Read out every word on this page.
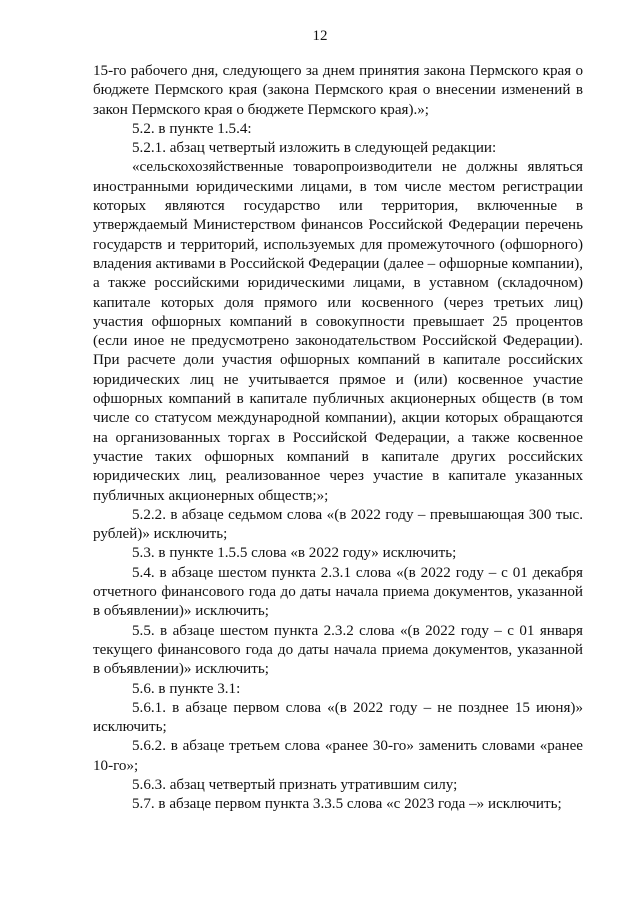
12

15-го рабочего дня, следующего за днем принятия закона Пермского края о бюджете Пермского края (закона Пермского края о внесении изменений в закон Пермского края о бюджете Пермского края).»;

5.2. в пункте 1.5.4:

5.2.1. абзац четвертый изложить в следующей редакции:

«сельскохозяйственные товаропроизводители не должны являться иностранными юридическими лицами, в том числе местом регистрации которых являются государство или территория, включенные в утверждаемый Министерством финансов Российской Федерации перечень государств и территорий, используемых для промежуточного (офшорного) владения активами в Российской Федерации (далее – офшорные компании), а также российскими юридическими лицами, в уставном (складочном) капитале которых доля прямого или косвенного (через третьих лиц) участия офшорных компаний в совокупности превышает 25 процентов (если иное не предусмотрено законодательством Российской Федерации). При расчете доли участия офшорных компаний в капитале российских юридических лиц не учитывается прямое и (или) косвенное участие офшорных компаний в капитале публичных акционерных обществ (в том числе со статусом международной компании), акции которых обращаются на организованных торгах в Российской Федерации, а также косвенное участие таких офшорных компаний в капитале других российских юридических лиц, реализованное через участие в капитале указанных публичных акционерных обществ;»;

5.2.2. в абзаце седьмом слова «(в 2022 году – превышающая 300 тыс. рублей)» исключить;

5.3. в пункте 1.5.5 слова «в 2022 году» исключить;

5.4. в абзаце шестом пункта 2.3.1 слова «(в 2022 году – с 01 декабря отчетного финансового года до даты начала приема документов, указанной в объявлении)» исключить;

5.5. в абзаце шестом пункта 2.3.2 слова «(в 2022 году – с 01 января текущего финансового года до даты начала приема документов, указанной в объявлении)» исключить;

5.6. в пункте 3.1:

5.6.1. в абзаце первом слова «(в 2022 году – не позднее 15 июня)» исключить;

5.6.2. в абзаце третьем слова «ранее 30-го» заменить словами «ранее 10-го»;

5.6.3. абзац четвертый признать утратившим силу;

5.7. в абзаце первом пункта 3.3.5 слова «с 2023 года –» исключить;
